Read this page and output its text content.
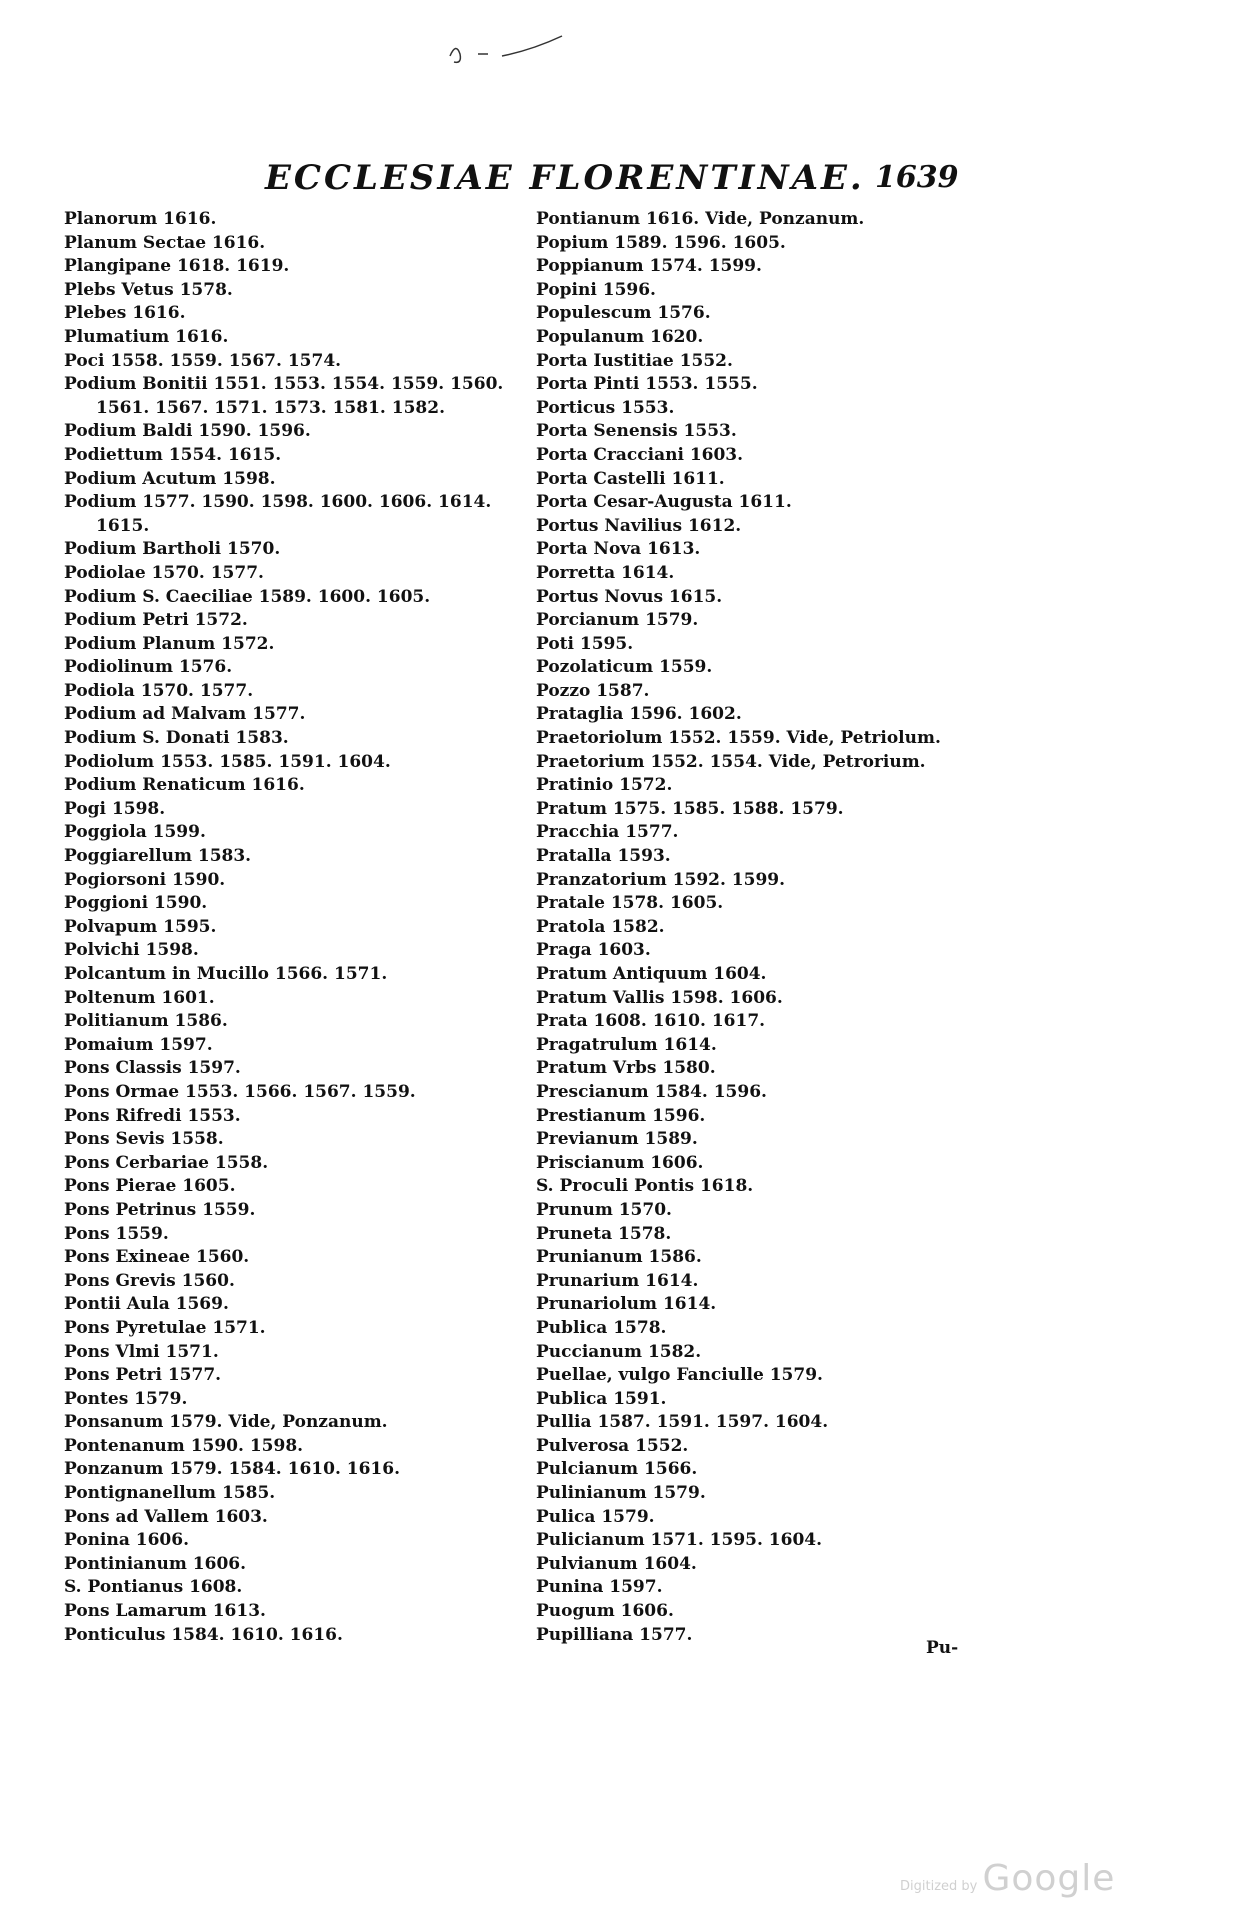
ECCLESIAE FLORENTINAE. 1639
Planorum 1616.
Planum Sectae 1616.
Plangipane 1618. 1619.
Plebs Vetus 1578.
Plebes 1616.
Plumatium 1616.
Poci 1558. 1559. 1567. 1574.
Podium Bonitii 1551. 1553. 1554. 1559. 1560.
1561. 1567. 1571. 1573. 1581. 1582.
Podium Baldi 1590. 1596.
Podiettum 1554. 1615.
Podium Acutum 1598.
Podium 1577. 1590. 1598. 1600. 1606. 1614.
1615.
Podium Bartholi 1570.
Podiolae 1570. 1577.
Podium S. Caeciliae 1589. 1600. 1605.
Podium Petri 1572.
Podium Planum 1572.
Podiolinum 1576.
Podiola 1570. 1577.
Podium ad Malvam 1577.
Podium S. Donati 1583.
Podiolum 1553. 1585. 1591. 1604.
Podium Renaticum 1616.
Pogi 1598.
Poggiola 1599.
Poggiarellum 1583.
Pogiorsoni 1590.
Poggioni 1590.
Polvapum 1595.
Polvichi 1598.
Polcantum in Mucillo 1566. 1571.
Poltenum 1601.
Politianum 1586.
Pomaium 1597.
Pons Classis 1597.
Pons Ormae 1553. 1566. 1567. 1559.
Pons Rifredi 1553.
Pons Sevis 1558.
Pons Cerbariae 1558.
Pons Pierae 1605.
Pons Petrinus 1559.
Pons 1559.
Pons Exineae 1560.
Pons Grevis 1560.
Pontii Aula 1569.
Pons Pyretulae 1571.
Pons Vlmi 1571.
Pons Petri 1577.
Pontes 1579.
Ponsanum 1579. Vide, Ponzanum.
Pontenanum 1590. 1598.
Ponzanum 1579. 1584. 1610. 1616.
Pontignanellum 1585.
Pons ad Vallem 1603.
Ponina 1606.
Pontinianum 1606.
S. Pontianus 1608.
Pons Lamarum 1613.
Ponticulus 1584. 1610. 1616.
Pontianum 1616. Vide, Ponzanum.
Popium 1589. 1596. 1605.
Poppianum 1574. 1599.
Popini 1596.
Populescum 1576.
Populanum 1620.
Porta Iustitiae 1552.
Porta Pinti 1553. 1555.
Porticus 1553.
Porta Senensis 1553.
Porta Cracciani 1603.
Porta Castelli 1611.
Porta Cesar-Augusta 1611.
Portus Navilius 1612.
Porta Nova 1613.
Porretta 1614.
Portus Novus 1615.
Porcianum 1579.
Poti 1595.
Pozolaticum 1559.
Pozzo 1587.
Prataglia 1596. 1602.
Praetoriolum 1552. 1559. Vide, Petriolum.
Praetorium 1552. 1554. Vide, Petrorium.
Pratinio 1572.
Pratum 1575. 1585. 1588. 1579.
Pracchia 1577.
Pratalla 1593.
Pranzatorium 1592. 1599.
Pratale 1578. 1605.
Pratola 1582.
Praga 1603.
Pratum Antiquum 1604.
Pratum Vallis 1598. 1606.
Prata 1608. 1610. 1617.
Pragatrulum 1614.
Pratum Vrbs 1580.
Prescianum 1584. 1596.
Prestianum 1596.
Previanum 1589.
Priscianum 1606.
S. Proculi Pontis 1618.
Prunum 1570.
Pruneta 1578.
Prunianum 1586.
Prunarium 1614.
Prunariolum 1614.
Publica 1578.
Puccianum 1582.
Puellae, vulgo Fanciulle 1579.
Publica 1591.
Pullia 1587. 1591. 1597. 1604.
Pulverosa 1552.
Pulcianum 1566.
Pulinianum 1579.
Pulica 1579.
Pulicianum 1571. 1595. 1604.
Pulvianum 1604.
Punina 1597.
Puogum 1606.
Pupilliana 1577.
Pu-
Digitized by Google
